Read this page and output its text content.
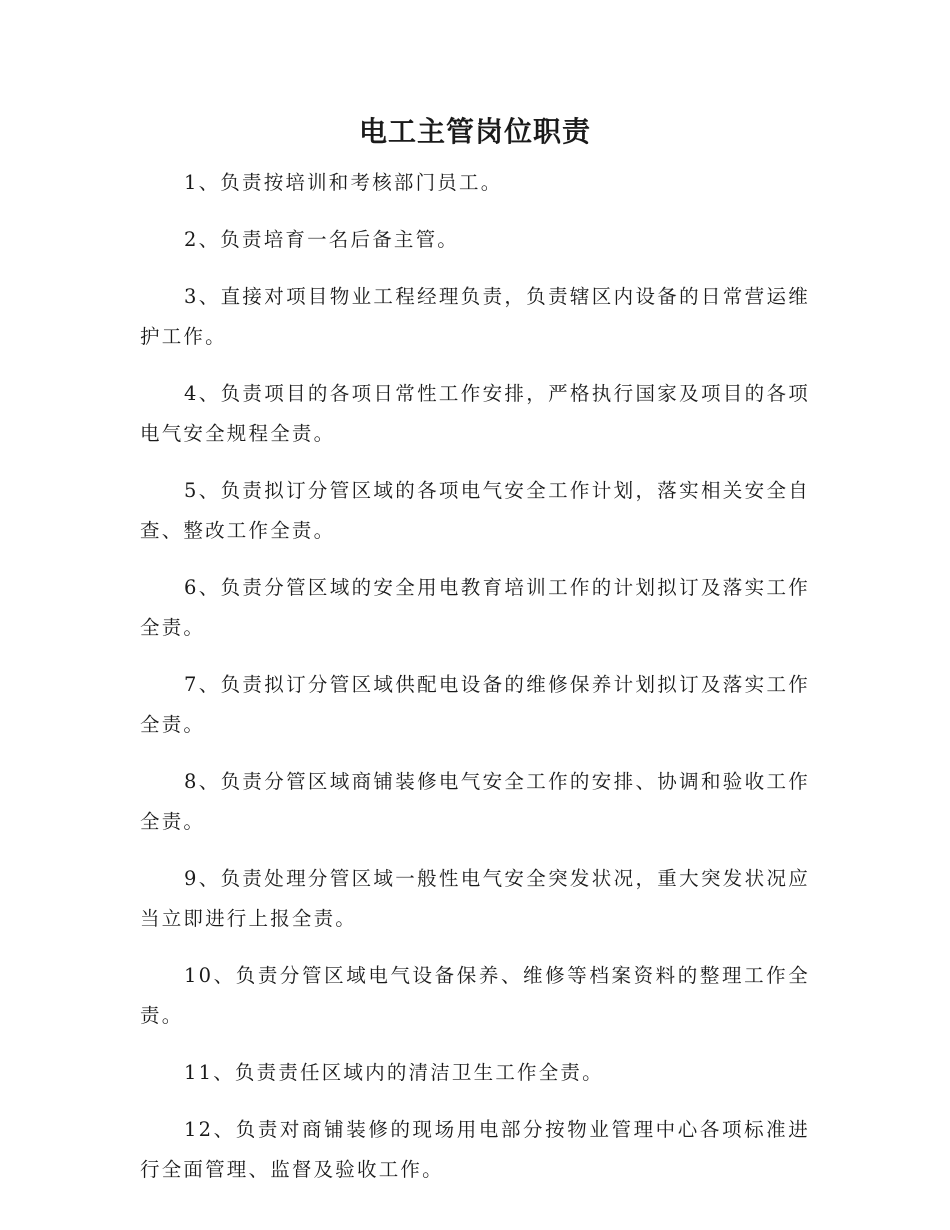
电工主管岗位职责

1、负责按培训和考核部门员工。

2、负责培育一名后备主管。

3、直接对项目物业工程经理负责，负责辖区内设备的日常营运维护工作。

4、负责项目的各项日常性工作安排，严格执行国家及项目的各项电气安全规程全责。

5、负责拟订分管区域的各项电气安全工作计划，落实相关安全自查、整改工作全责。

6、负责分管区域的安全用电教育培训工作的计划拟订及落实工作全责。

7、负责拟订分管区域供配电设备的维修保养计划拟订及落实工作全责。

8、负责分管区域商铺装修电气安全工作的安排、协调和验收工作全责。

9、负责处理分管区域一般性电气安全突发状况，重大突发状况应当立即进行上报全责。

10、负责分管区域电气设备保养、维修等档案资料的整理工作全责。

11、负责责任区域内的清洁卫生工作全责。

12、负责对商铺装修的现场用电部分按物业管理中心各项标准进行全面管理、监督及验收工作。
